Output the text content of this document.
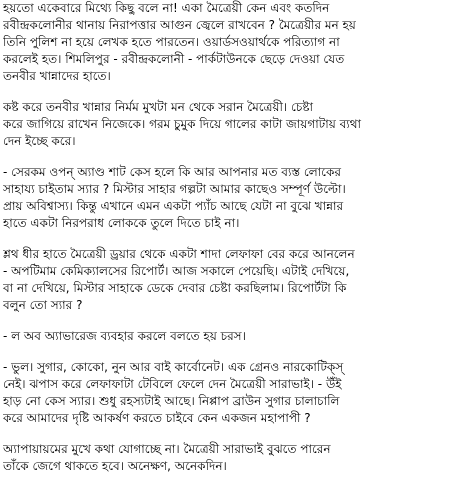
হয়তো একেবারে মিথ্যে কিছু বলে না! একা মৈত্রেয়ী কেন এবং কতদিন
রবীন্দ্রকলোনীর থানায় নিরাপত্তার আগুন জ্বেলে রাখবেন ? মৈত্রেয়ীর মন হয়
তিনি পুলিশ না হয়ে লেখক হতে পারতেন। ওয়ার্ডসওয়ার্থকে পরিত্যাগ না
করলেই হত। শিমলিপুর - রবীন্দ্রকলোনী - পার্কটাউনকে ছেড়ে দেওয়া যেত
তনবীর খান্নাদের হাতে।
কষ্ট করে তনবীর খান্নার নির্মম মুখটা মন থেকে সরান মৈত্রেয়ী। চেষ্টা
করে জাগিয়ে রাখেন নিজেকে। গরম চুমুক দিয়ে গালের কাটা জায়গাটায় ব্যথা
দেন ইচ্ছে করে।
- সেরকম ওপন্ অ্যাণ্ড শাট কেস হলে কি আর আপনার মত ব্যস্ত লোকের
সাহায্য চাইতাম স্যার ? মিস্টার সাহার গল্পটা আমার কাছেও সম্পূর্ণ উল্টো।
প্রায় অবিশ্বাস্য। কিন্তু এখানে এমন একটা প্যাঁচ আছে যেটা না বুঝে খান্নার
হাতে একটা নিরপরাধ লোককে তুলে দিতে চাই না।
শ্লথ ধীর হাতে মৈত্রেয়ী ড্রয়ার থেকে একটা শাদা লেফাফা বের করে আনলেন
- অপটিমাম কেমিক্যালসের রিপোর্ট। আজ সকালে পেয়েছি। এটাই দেখিয়ে,
বা না দেখিয়ে, মিস্টার সাহাকে ডেকে দেবার চেষ্টা করছিলাম। রিপোর্টটা কি
বলুন তো স্যার ?
- ল অব অ্যাভারেজ ব্যবহার করলে বলতে হয় চরস।
- ভুল। সুগার, কোকো, নুন আর বাই কার্বোনেট। এক গ্রেনও নারকোটিক্স্
নেই। ঝপাস করে লেফাফাটা টেবিলে ফেলে দেন মৈত্রেয়ী সারাভাই। - উঁই
হাড় নো কেস স্যার। শুধু রহস্যটাই আছে। নিপ্পাপ ব্রাউন সুগার চালাচালি
করে আমাদের দৃষ্টি আকর্ষণ করতে চাইবে কেন একজন মহাপাপী ?
অ্যাপায়ায়মের মুখে কথা যোগাচ্ছে না। মৈত্রেয়ী সারাভাই বুঝতে পারেন
তাঁকে জেগে থাকতে হবে। অনেক্ষণ, অনেকদিন।
